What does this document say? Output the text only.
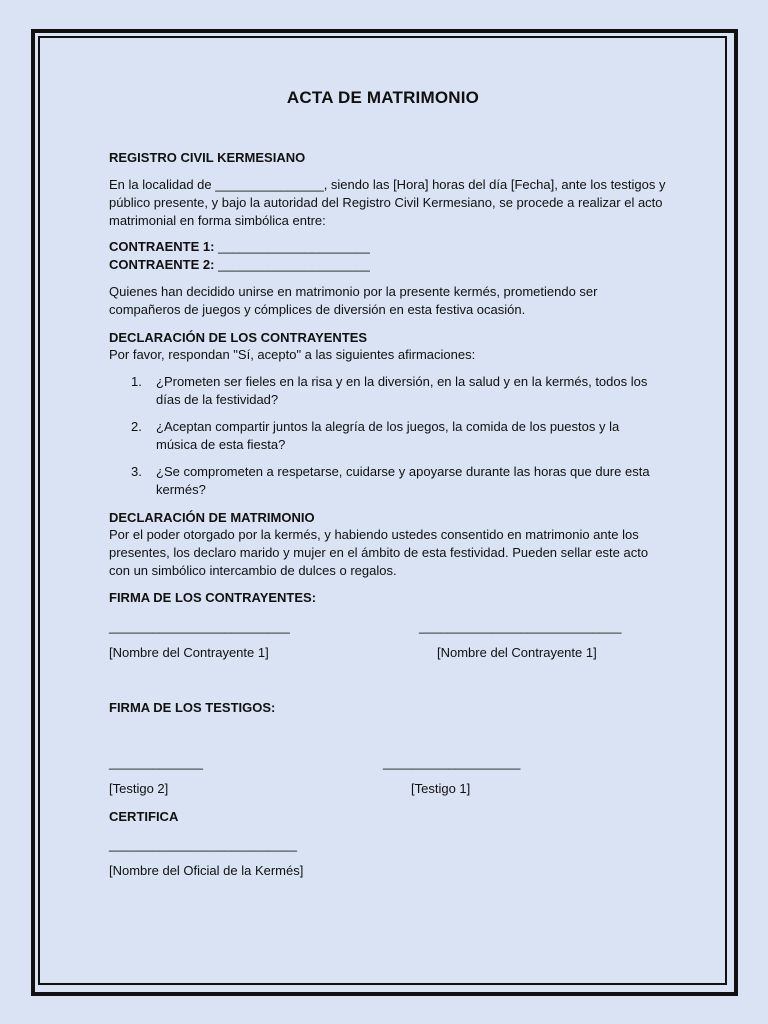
ACTA DE MATRIMONIO
REGISTRO CIVIL KERMESIANO
En la localidad de _______________, siendo las [Hora] horas del día [Fecha], ante los testigos y público presente, y bajo la autoridad del Registro Civil Kermesiano, se procede a realizar el acto matrimonial en forma simbólica entre:
CONTRAENTE 1: _____________________
CONTRAENTE 2: _____________________
Quienes han decidido unirse en matrimonio por la presente kermés, prometiendo ser compañeros de juegos y cómplices de diversión en esta festiva ocasión.
DECLARACIÓN DE LOS CONTRAYENTES
Por favor, respondan "Sí, acepto" a las siguientes afirmaciones:
1. ¿Prometen ser fieles en la risa y en la diversión, en la salud y en la kermés, todos los días de la festividad?
2. ¿Aceptan compartir juntos la alegría de los juegos, la comida de los puestos y la música de esta fiesta?
3. ¿Se comprometen a respetarse, cuidarse y apoyarse durante las horas que dure esta kermés?
DECLARACIÓN DE MATRIMONIO
Por el poder otorgado por la kermés, y habiendo ustedes consentido en matrimonio ante los presentes, los declaro marido y mujer en el ámbito de esta festividad. Pueden sellar este acto con un simbólico intercambio de dulces o regalos.
FIRMA DE LOS CONTRAYENTES:
_________________________	____________________________
[Nombre del Contrayente 1]	[Nombre del Contrayente 1]
FIRMA DE LOS TESTIGOS:
_____________	___________________
[Testigo 2]	[Testigo 1]
CERTIFICA
__________________________
[Nombre del Oficial de la Kermés]
